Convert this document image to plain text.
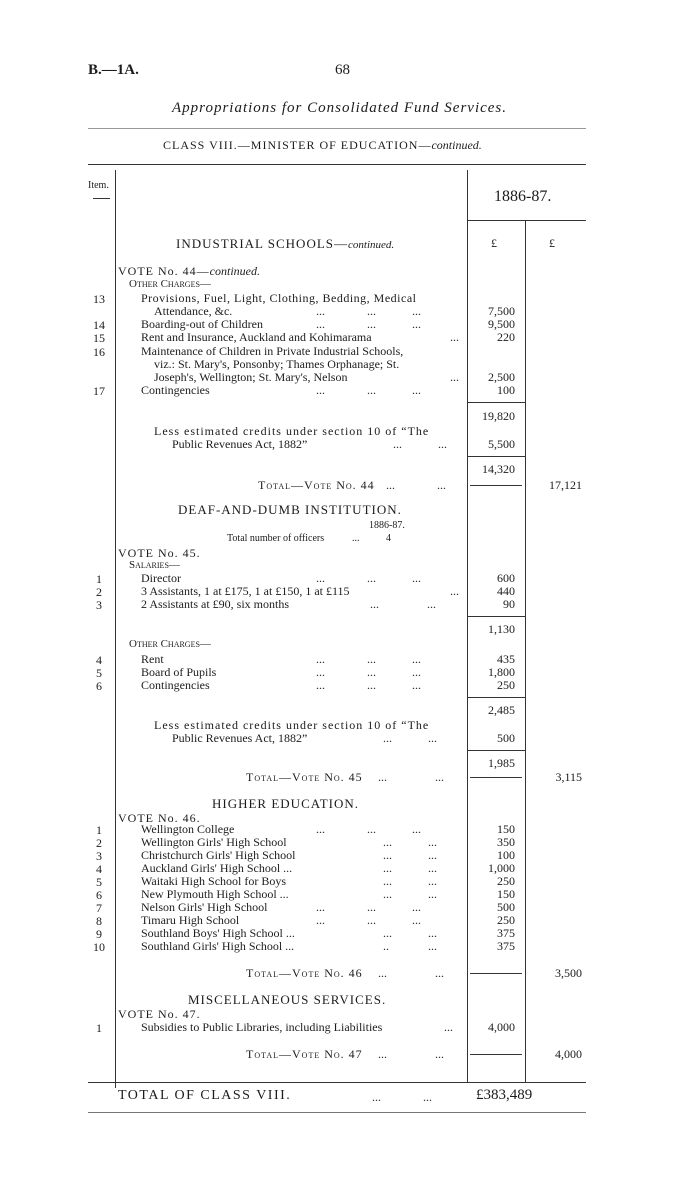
B.—1A.	68
Appropriations for Consolidated Fund Services.
CLASS VIII.—MINISTER OF EDUCATION—continued.
Item.
1886-87.
£	£
INDUSTRIAL SCHOOLS—continued.
VOTE No. 44—continued.
Other Charges—
13	Provisions, Fuel, Light, Clothing, Bedding, Medical
Attendance, &c.	...              ...            ...	7,500
14	Boarding-out of Children	...              ...            ...	9,500
15	Rent and Insurance, Auckland and Kohimarama	...	220
16	Maintenance of Children in Private Industrial Schools,
viz.: St. Mary's, Ponsonby; Thames Orphanage; St.
Joseph's, Wellington; St. Mary's, Nelson	...	2,500
17	Contingencies	...              ...            ...	100
19,820
Less estimated credits under section 10 of “The
Public Revenues Act, 1882”	...            ...	5,500
14,320
Total—Vote No. 44 ...              ...	17,121
DEAF-AND-DUMB INSTITUTION.
1886-87.
Total number of officers	...	4
VOTE No. 45.
Salaries—
1	Director	...              ...            ...	600
2	3 Assistants, 1 at £175, 1 at £150, 1 at £115	...	440
3	2 Assistants at £90, six months	...                ...	90
1,130
Other Charges—
4	Rent	...              ...            ...	435
5	Board of Pupils	...              ...            ...	1,800
6	Contingencies	...              ...            ...	250
2,485
Less estimated credits under section 10 of “The
Public Revenues Act, 1882”	...            ...	500
1,985
Total—Vote No. 45 ...                ...	3,115
HIGHER EDUCATION.
VOTE No. 46.
1	Wellington College	...              ...            ...	150
2	Wellington Girls' High School	...            ...	350
3	Christchurch Girls' High School	...            ...	100
4	Auckland Girls' High School ...	...            ...	1,000
5	Waitaki High School for Boys	...            ...	250
6	New Plymouth High School ...	...            ...	150
7	Nelson Girls' High School	...              ...            ...	500
8	Timaru High School	...              ...            ...	250
9	Southland Boys' High School ...	...            ...	375
10	Southland Girls' High School ...	..             ...	375
Total—Vote No. 46 ...                ...	3,500
MISCELLANEOUS SERVICES.
VOTE No. 47.
1	Subsidies to Public Libraries, including Liabilities	...	4,000
Total—Vote No. 47 ...                ...	4,000
TOTAL OF CLASS VIII.	...              ...	£383,489
